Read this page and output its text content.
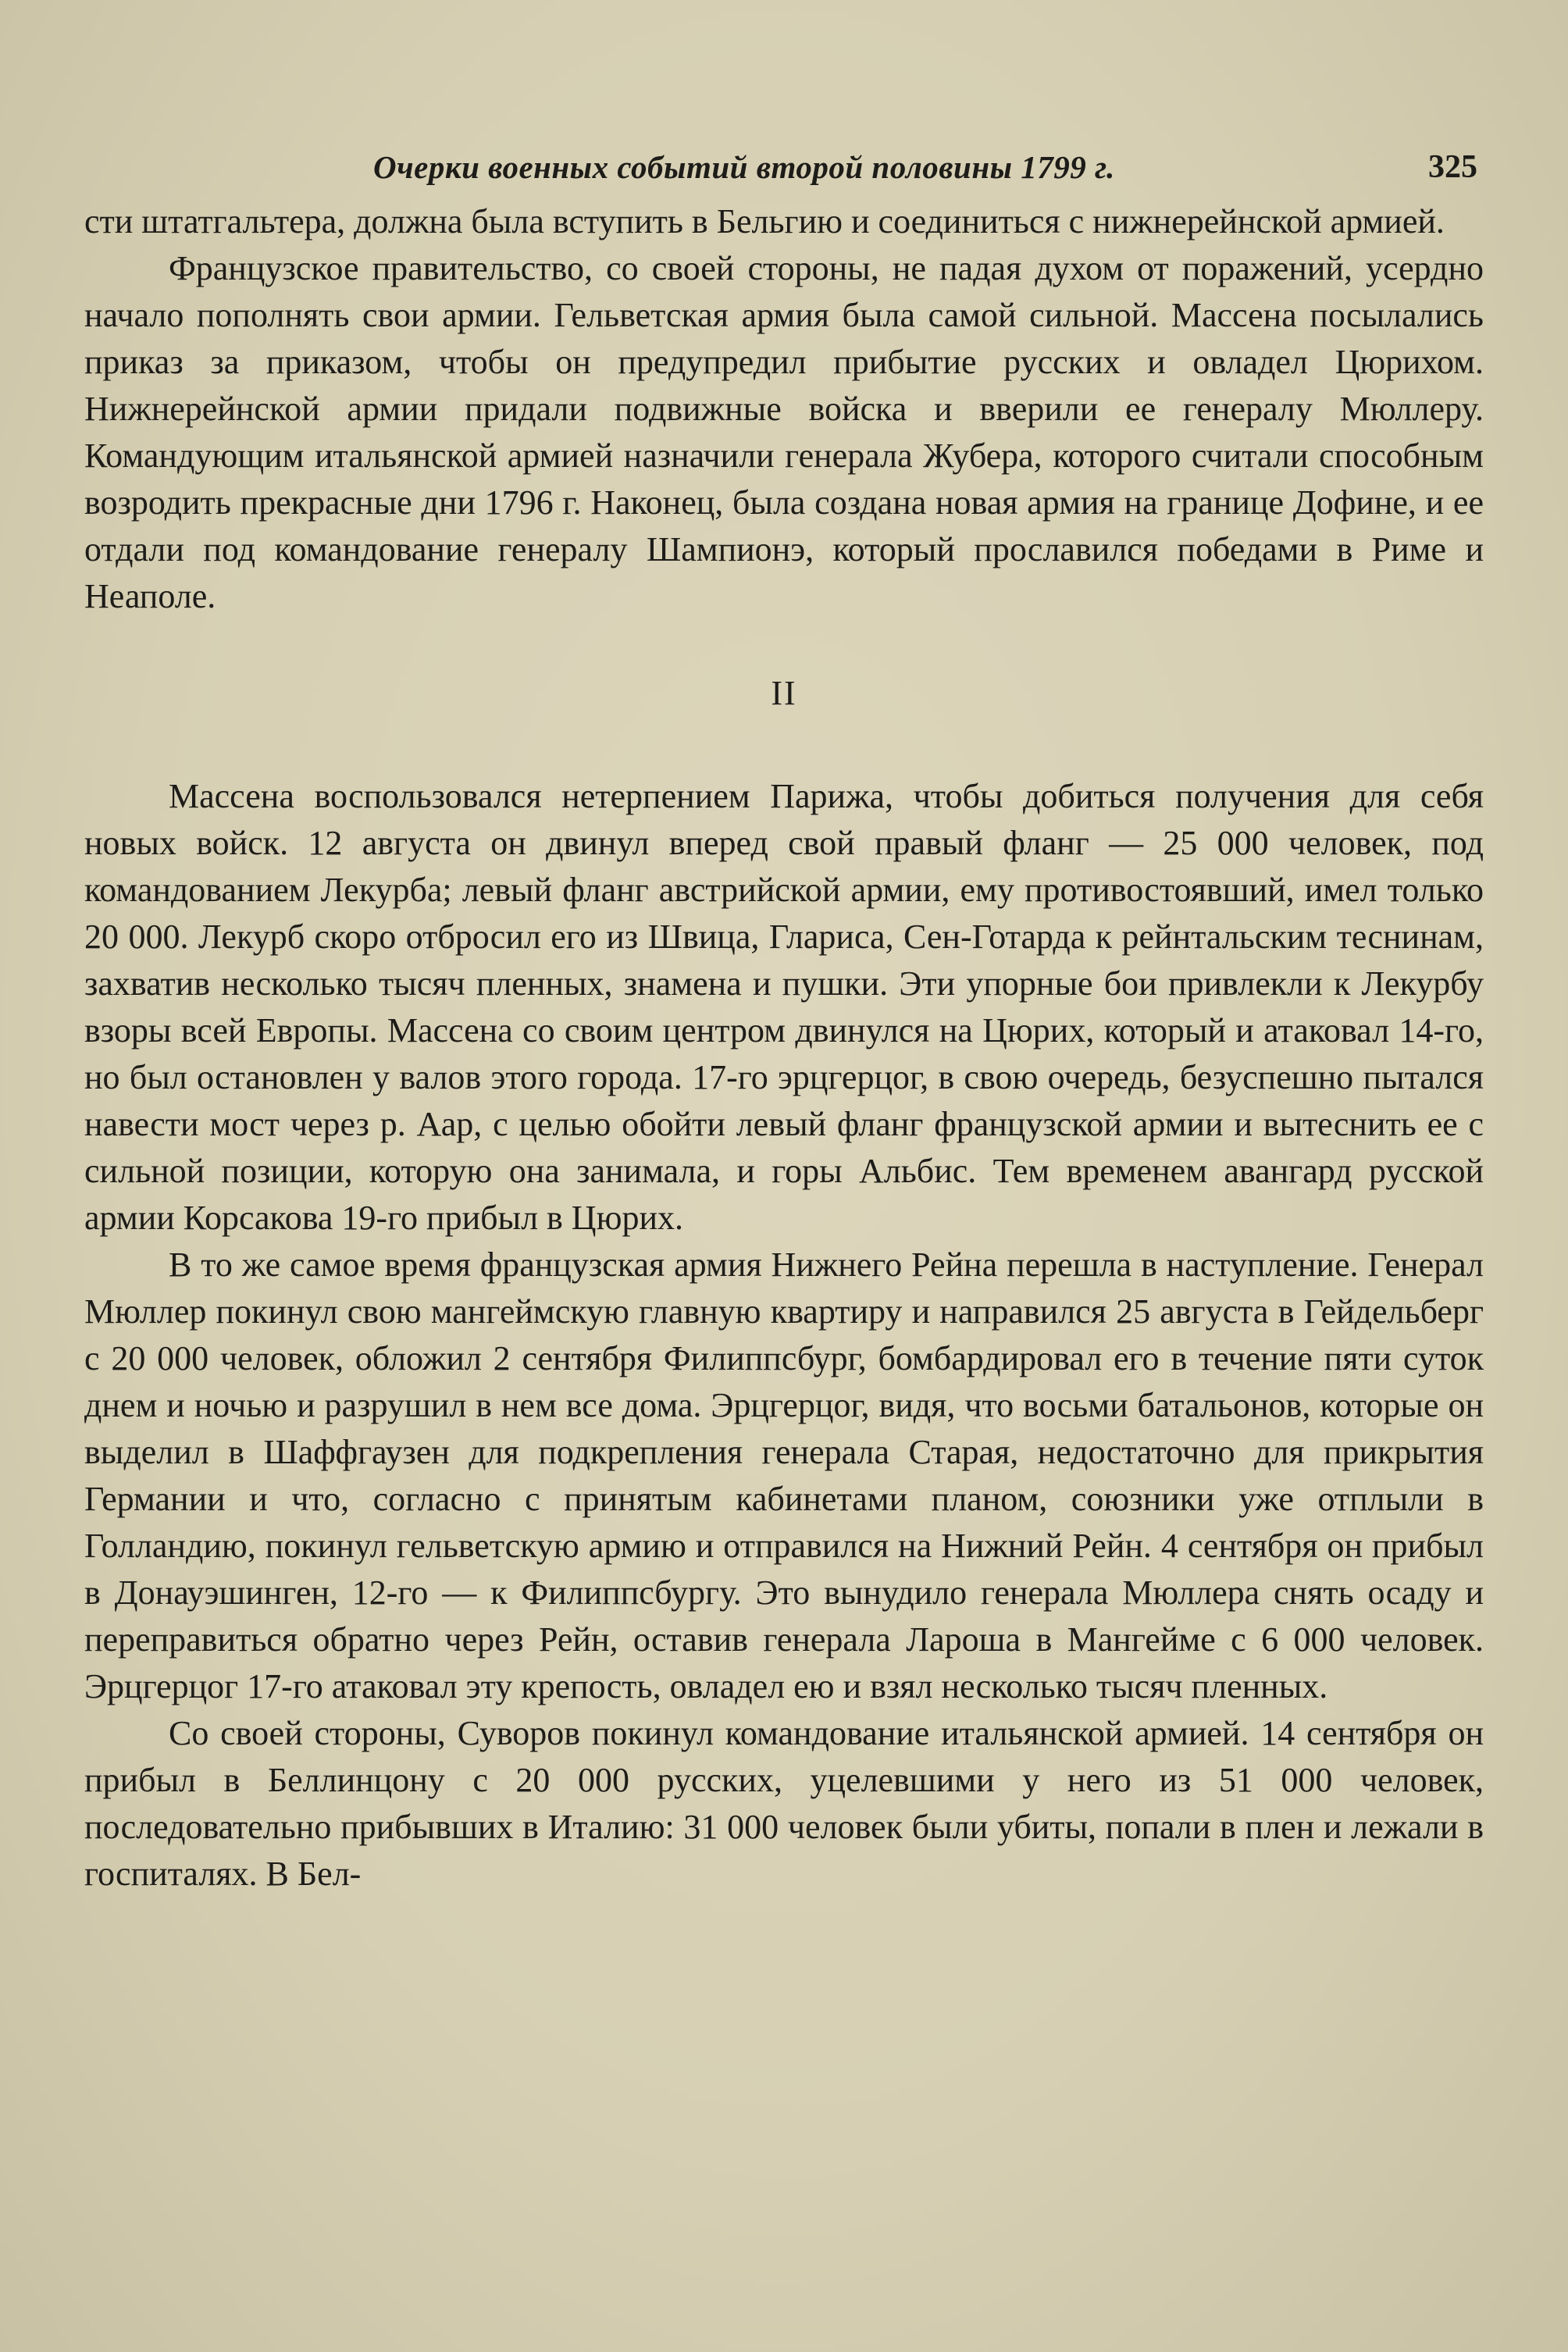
Очерки военных событий второй половины 1799 г.	325

сти штатгальтера, должна была вступить в Бельгию и соединиться с нижнерейнской армией.

Французское правительство, со своей стороны, не падая духом от поражений, усердно начало пополнять свои армии. Гельветская армия была самой сильной. Массена посылались приказ за приказом, чтобы он предупредил прибытие русских и овладел Цюрихом. Нижнерейнской армии придали подвижные войска и вверили ее генералу Мюллеру. Командующим итальянской армией назначили генерала Жубера, которого считали способным возродить прекрасные дни 1796 г. Наконец, была создана новая армия на границе Дофине, и ее отдали под командование генералу Шампионэ, который прославился победами в Риме и Неаполе.

II

Массена воспользовался нетерпением Парижа, чтобы добиться получения для себя новых войск. 12 августа он двинул вперед свой правый фланг — 25 000 человек, под командованием Лекурба; левый фланг австрийской армии, ему противостоявший, имел только 20 000. Лекурб скоро отбросил его из Швица, Глариса, Сен-Готарда к рейнтальским теснинам, захватив несколько тысяч пленных, знамена и пушки. Эти упорные бои привлекли к Лекурбу взоры всей Европы. Массена со своим центром двинулся на Цюрих, который и атаковал 14-го, но был остановлен у валов этого города. 17-го эрцгерцог, в свою очередь, безуспешно пытался навести мост через р. Аар, с целью обойти левый фланг французской армии и вытеснить ее с сильной позиции, которую она занимала, и горы Альбис. Тем временем авангард русской армии Корсакова 19-го прибыл в Цюрих.

В то же самое время французская армия Нижнего Рейна перешла в наступление. Генерал Мюллер покинул свою мангеймскую главную квартиру и направился 25 августа в Гейдельберг с 20 000 человек, обложил 2 сентября Филиппсбург, бомбардировал его в течение пяти суток днем и ночью и разрушил в нем все дома. Эрцгерцог, видя, что восьми батальонов, которые он выделил в Шаффгаузен для подкрепления генерала Старая, недостаточно для прикрытия Германии и что, согласно с принятым кабинетами планом, союзники уже отплыли в Голландию, покинул гельветскую армию и отправился на Нижний Рейн. 4 сентября он прибыл в Донауэшинген, 12-го — к Филиппсбургу. Это вынудило генерала Мюллера снять осаду и переправиться обратно через Рейн, оставив генерала Лароша в Мангейме с 6 000 человек. Эрцгерцог 17-го атаковал эту крепость, овладел ею и взял несколько тысяч пленных.

Со своей стороны, Суворов покинул командование итальянской армией. 14 сентября он прибыл в Беллинцону с 20 000 русских, уцелевшими у него из 51 000 человек, последовательно прибывших в Италию: 31 000 человек были убиты, попали в плен и лежали в госпиталях. В Бел-
